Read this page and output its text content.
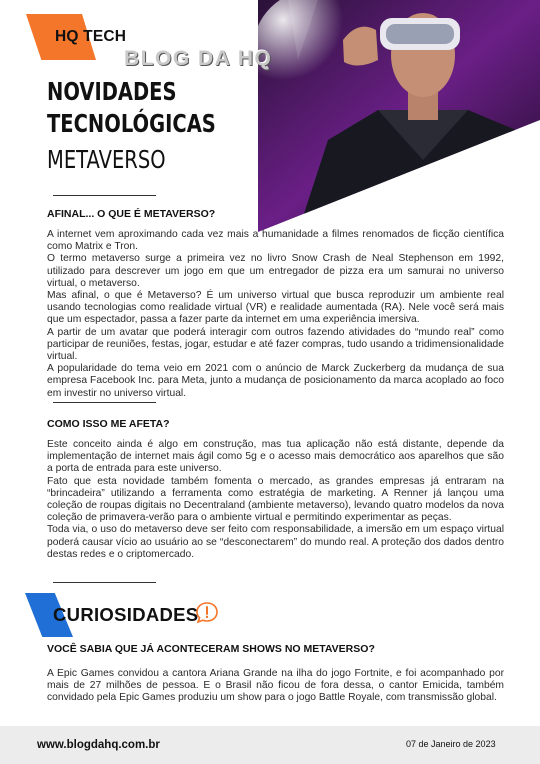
HQ TECH
BLOG DA HQ
NOVIDADES
TECNOLÓGICAS
METAVERSO
AFINAL... O QUE É METAVERSO?

A internet vem aproximando cada vez mais a humanidade a filmes renomados de ficção científica como Matrix e Tron.

O termo metaverso surge a primeira vez no livro Snow Crash de Neal Stephenson em 1992, utilizado para descrever um jogo em que um entregador de pizza era um samurai no universo virtual, o metaverso.

Mas afinal, o que é Metaverso? É um universo virtual que busca reproduzir um ambiente real usando tecnologias como realidade virtual (VR) e realidade aumentada (RA). Nele você será mais que um espectador, passa a fazer parte da internet em uma experiência imersiva.

A partir de um avatar que poderá interagir com outros fazendo atividades do “mundo real” como participar de reuniões, festas, jogar, estudar e até fazer compras, tudo usando a tridimensionalidade virtual.

A popularidade do tema veio em 2021 com o anúncio de Marck Zuckerberg da mudança de sua empresa Facebook Inc. para Meta, junto a mudança de posicionamento da marca acoplado ao foco em investir no universo virtual.

COMO ISSO ME AFETA?

Este conceito ainda é algo em construção, mas tua aplicação não está distante, depende da implementação de internet mais ágil como 5g e o acesso mais democrático aos aparelhos que são a porta de entrada para este universo.

Fato que esta novidade também fomenta o mercado, as grandes empresas já entraram na “brincadeira” utilizando a ferramenta como estratégia de marketing. A Renner já lançou uma coleção de roupas digitais no Decentraland (ambiente metaverso), levando quatro modelos da nova coleção de primavera-verão para o ambiente virtual e permitindo experimentar as peças.

Toda via, o uso do metaverso deve ser feito com responsabilidade, a imersão em um espaço virtual poderá causar vício ao usuário ao se “desconectarem” do mundo real. A proteção dos dados dentro destas redes e o criptomercado.

CURIOSIDADES
VOCÊ SABIA QUE JÁ ACONTECERAM SHOWS NO METAVERSO?

A Epic Games convidou a cantora Ariana Grande na ilha do jogo Fortnite, e foi acompanhado por mais de 27 milhões de pessoa. E o Brasil não ficou de fora dessa, o cantor Emicida, também convidado pela Epic Games produziu um show para o jogo Battle Royale, com transmissão global.

www.blogdahq.com.br	07 de Janeiro de 2023
